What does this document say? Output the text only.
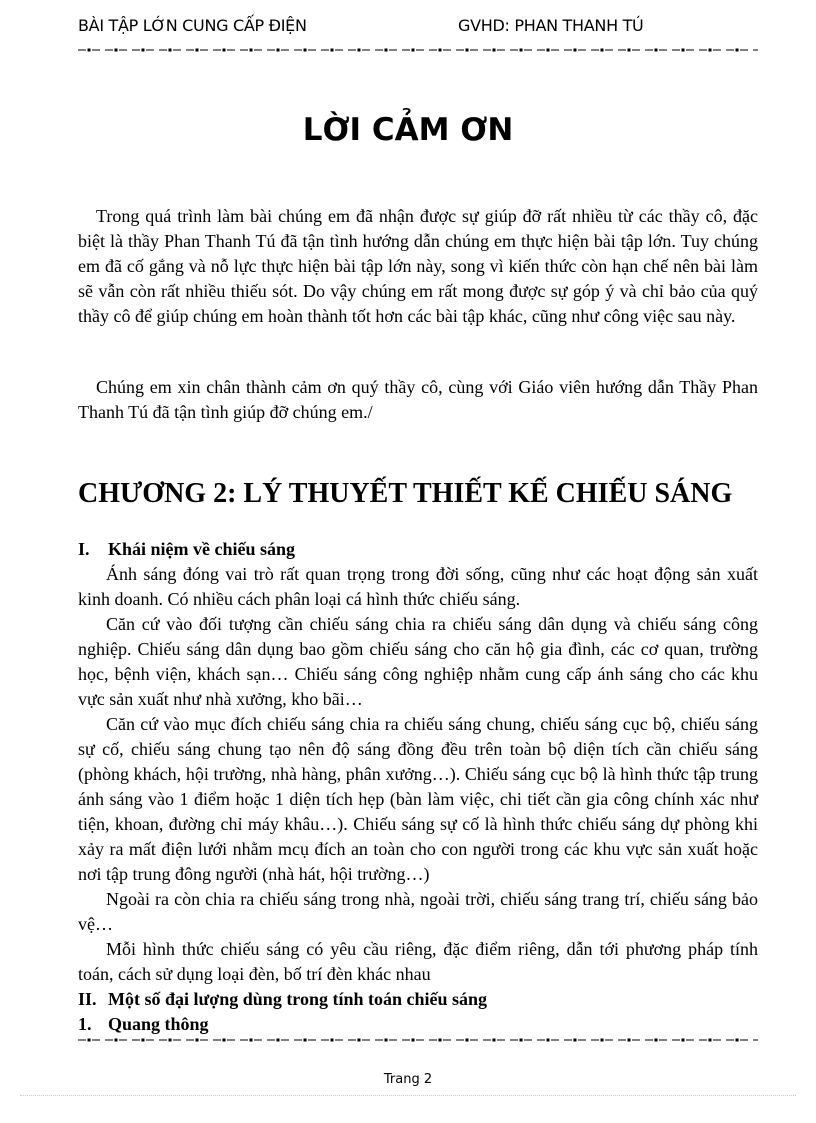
BÀI TẬP LỚN CUNG CẤP ĐIỆN	GVHD: PHAN THANH TÚ
LỜI CẢM ƠN

Trong quá trình làm bài chúng em đã nhận được sự giúp đỡ rất nhiều từ các thầy cô, đặc biệt là thầy Phan Thanh Tú đã tận tình hướng dẫn chúng em thực hiện bài tập lớn. Tuy chúng em đã cố gắng và nỗ lực thực hiện bài tập lớn này, song vì kiến thức còn hạn chế nên bài làm sẽ vẫn còn rất nhiều thiếu sót. Do vậy chúng em rất mong được sự góp ý và chỉ bảo của quý thầy cô để giúp chúng em hoàn thành tốt hơn các bài tập khác, cũng như công việc sau này.

Chúng em xin chân thành cảm ơn quý thầy cô, cùng với Giáo viên hướng dẫn Thầy Phan Thanh Tú đã tận tình giúp đỡ chúng em./

CHƯƠNG 2: LÝ THUYẾT THIẾT KẾ CHIẾU SÁNG
I.	Khái niệm về chiếu sáng

Ánh sáng đóng vai trò rất quan trọng trong đời sống, cũng như các hoạt động sản xuất kinh doanh. Có nhiều cách phân loại cá hình thức chiếu sáng.

Căn cứ vào đối tượng cần chiếu sáng chia ra chiếu sáng dân dụng và chiếu sáng công nghiệp. Chiếu sáng dân dụng bao gồm chiếu sáng cho căn hộ gia đình, các cơ quan, trường học, bệnh viện, khách sạn… Chiếu sáng công nghiệp nhằm cung cấp ánh sáng cho các khu vực sản xuất như nhà xưởng, kho bãi…

Căn cứ vào mục đích chiếu sáng chia ra chiếu sáng chung, chiếu sáng cục bộ, chiếu sáng sự cố, chiếu sáng chung tạo nên độ sáng đồng đều trên toàn bộ diện tích cần chiếu sáng (phòng khách, hội trường, nhà hàng, phân xưởng…). Chiếu sáng cục bộ là hình thức tập trung ánh sáng vào 1 điểm hoặc 1 diện tích hẹp (bàn làm việc, chi tiết cần gia công chính xác như tiện, khoan, đường chỉ máy khâu…). Chiếu sáng sự cố là hình thức chiếu sáng dự phòng khi xảy ra mất điện lưới nhằm mcụ đích an toàn cho con người trong các khu vực sản xuất hoặc nơi tập trung đông người (nhà hát, hội trường…)

Ngoài ra còn chia ra chiếu sáng trong nhà, ngoài trời, chiếu sáng trang trí, chiếu sáng bảo vệ…

Mỗi hình thức chiếu sáng có yêu cầu riêng, đặc điểm riêng, dẫn tới phương pháp tính toán, cách sử dụng loại đèn, bố trí đèn khác nhau

II. Một số đại lượng dùng trong tính toán chiếu sáng
1. Quang thông
Trang 2
